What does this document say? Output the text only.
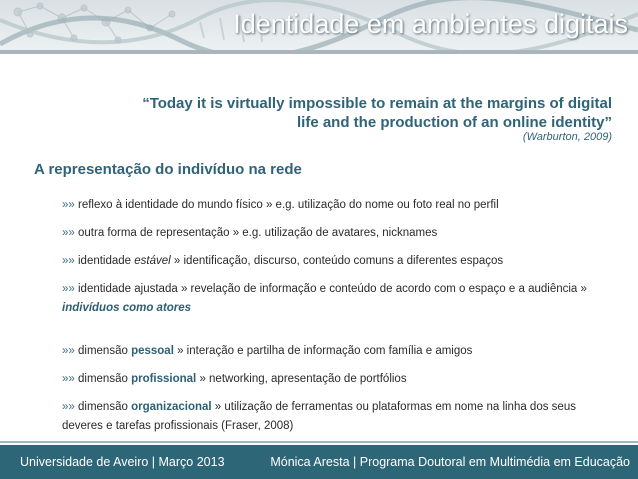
Identidade em ambientes digitais
“Today it is virtually impossible to remain at the margins of digital
life and the production of an online identity”
(Warburton, 2009)
A representação do indivíduo na rede
»» reflexo à identidade do mundo físico » e.g. utilização do nome ou foto real no perfil
»» outra forma de representação » e.g. utilização de avatares, nicknames
»» identidade estável » identificação, discurso, conteúdo comuns a diferentes espaços
»» identidade ajustada » revelação de informação e conteúdo de acordo com o espaço e a audiência »
indivíduos como atores
»» dimensão pessoal » interação e partilha de informação com família e amigos
»» dimensão profissional » networking, apresentação de portfólios
»» dimensão organizacional » utilização de ferramentas ou plataformas em nome na linha dos seus
deveres e tarefas profissionais (Fraser, 2008)
Universidade de Aveiro | Março 2013	Mónica Aresta | Programa Doutoral em Multimédia em Educação
